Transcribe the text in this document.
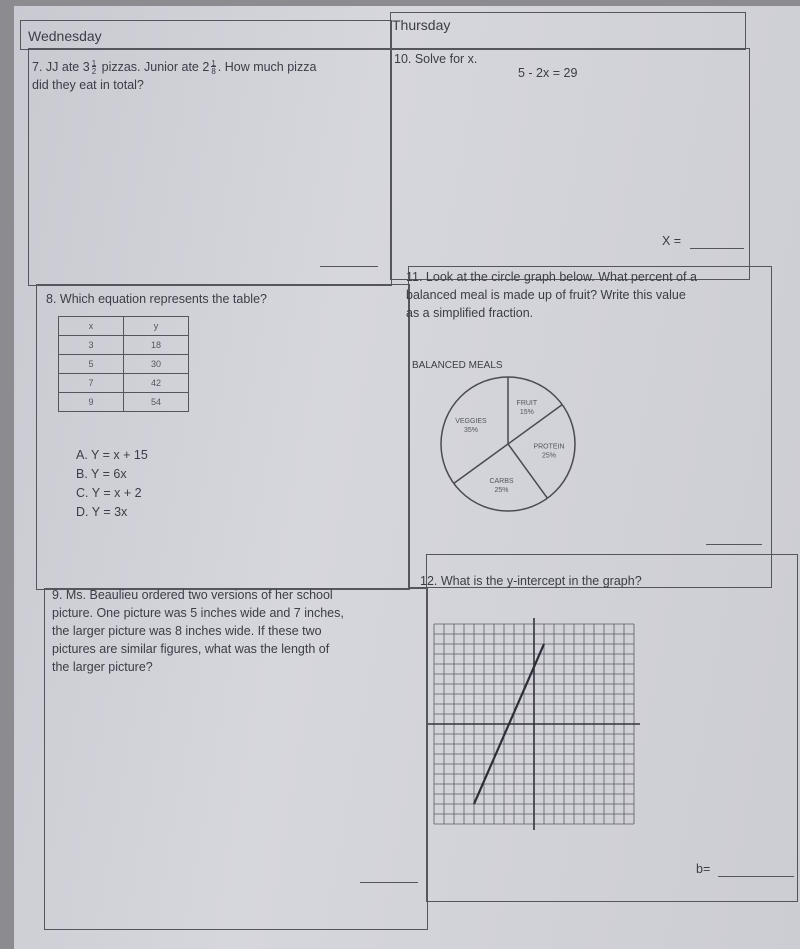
Wednesday
Thursday
7. JJ ate $3 \frac{1}{2}$ pizzas. Junior ate $2 \frac{1}{8}$ . How much pizza
did they eat in total?
10. Solve for x.
5 - 2x = 29
X =
8. Which equation represents the table?
x	y
3	18
5	30
7	42
9	54
A. Y = x + 15
B. Y = 6x
C. Y = x + 2
D. Y = 3x
11. Look at the circle graph below. What percent of a
balanced meal is made up of fruit? Write this value
as a simplified fraction.
BALANCED MEALS
FRUIT
15%
PROTEIN
25%
CARBS
25%
VEGGIES
35%
9. Ms. Beaulieu ordered two versions of her school
picture. One picture was 5 inches wide and 7 inches,
the larger picture was 8 inches wide. If these two
pictures are similar figures, what was the length of
the larger picture?
12. What is the y-intercept in the graph?
b=
